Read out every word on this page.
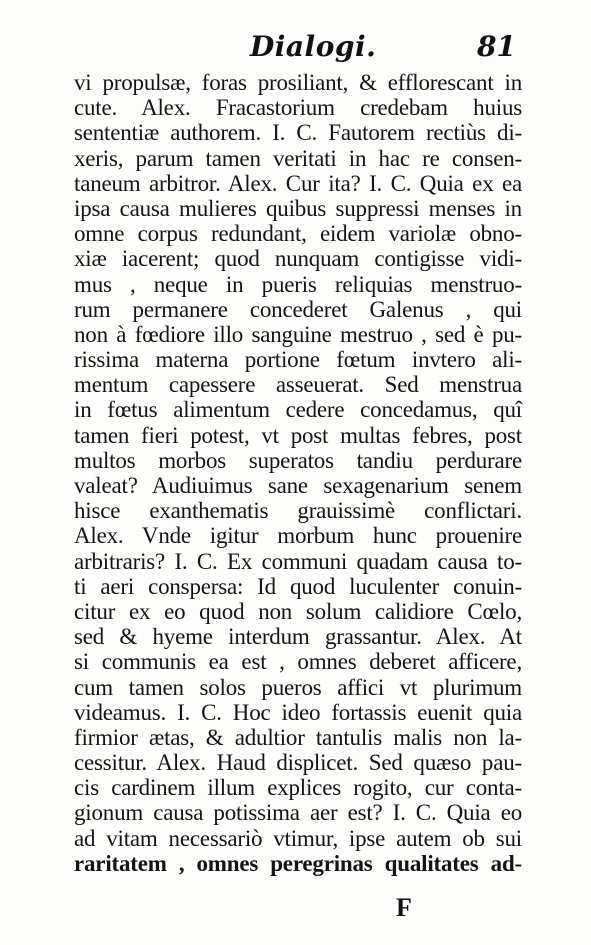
Dialogi.	81
vi propulsæ, foras prosiliant, & efflorescant in
cute. Alex. Fracastorium credebam huius
sententiæ authorem. I. C. Fautorem rectiùs di-
xeris, parum tamen veritati in hac re consen-
taneum arbitror. Alex. Cur ita? I. C. Quia ex ea
ipsa causa mulieres quibus suppressi menses in
omne corpus redundant, eidem variolæ obno-
xiæ iacerent; quod nunquam contigisse vidi-
mus , neque in pueris reliquias menstruo-
rum permanere concederet Galenus , qui
non à fœdiore illo sanguine mestruo , sed è pu-
rissima materna portione fœtum invtero ali-
mentum capessere asseuerat. Sed menstrua
in fœtus alimentum cedere concedamus, quî
tamen fieri potest, vt post multas febres, post
multos morbos superatos tandiu perdurare
valeat? Audiuimus sane sexagenarium senem
hisce exanthematis grauissimè conflictari.
Alex. Vnde igitur morbum hunc prouenire
arbitraris? I. C. Ex communi quadam causa to-
ti aeri conspersa: Id quod luculenter conuin-
citur ex eo quod non solum calidiore Cœlo,
sed & hyeme interdum grassantur. Alex. At
si communis ea est , omnes deberet afficere,
cum tamen solos pueros affici vt plurimum
videamus. I. C. Hoc ideo fortassis euenit quia
firmior ætas, & adultior tantulis malis non la-
cessitur. Alex. Haud displicet. Sed quæso pau-
cis cardinem illum explices rogito, cur conta-
gionum causa potissima aer est? I. C. Quia eo
ad vitam necessariò vtimur, ipse autem ob sui
raritatem , omnes peregrinas qualitates ad-
F
